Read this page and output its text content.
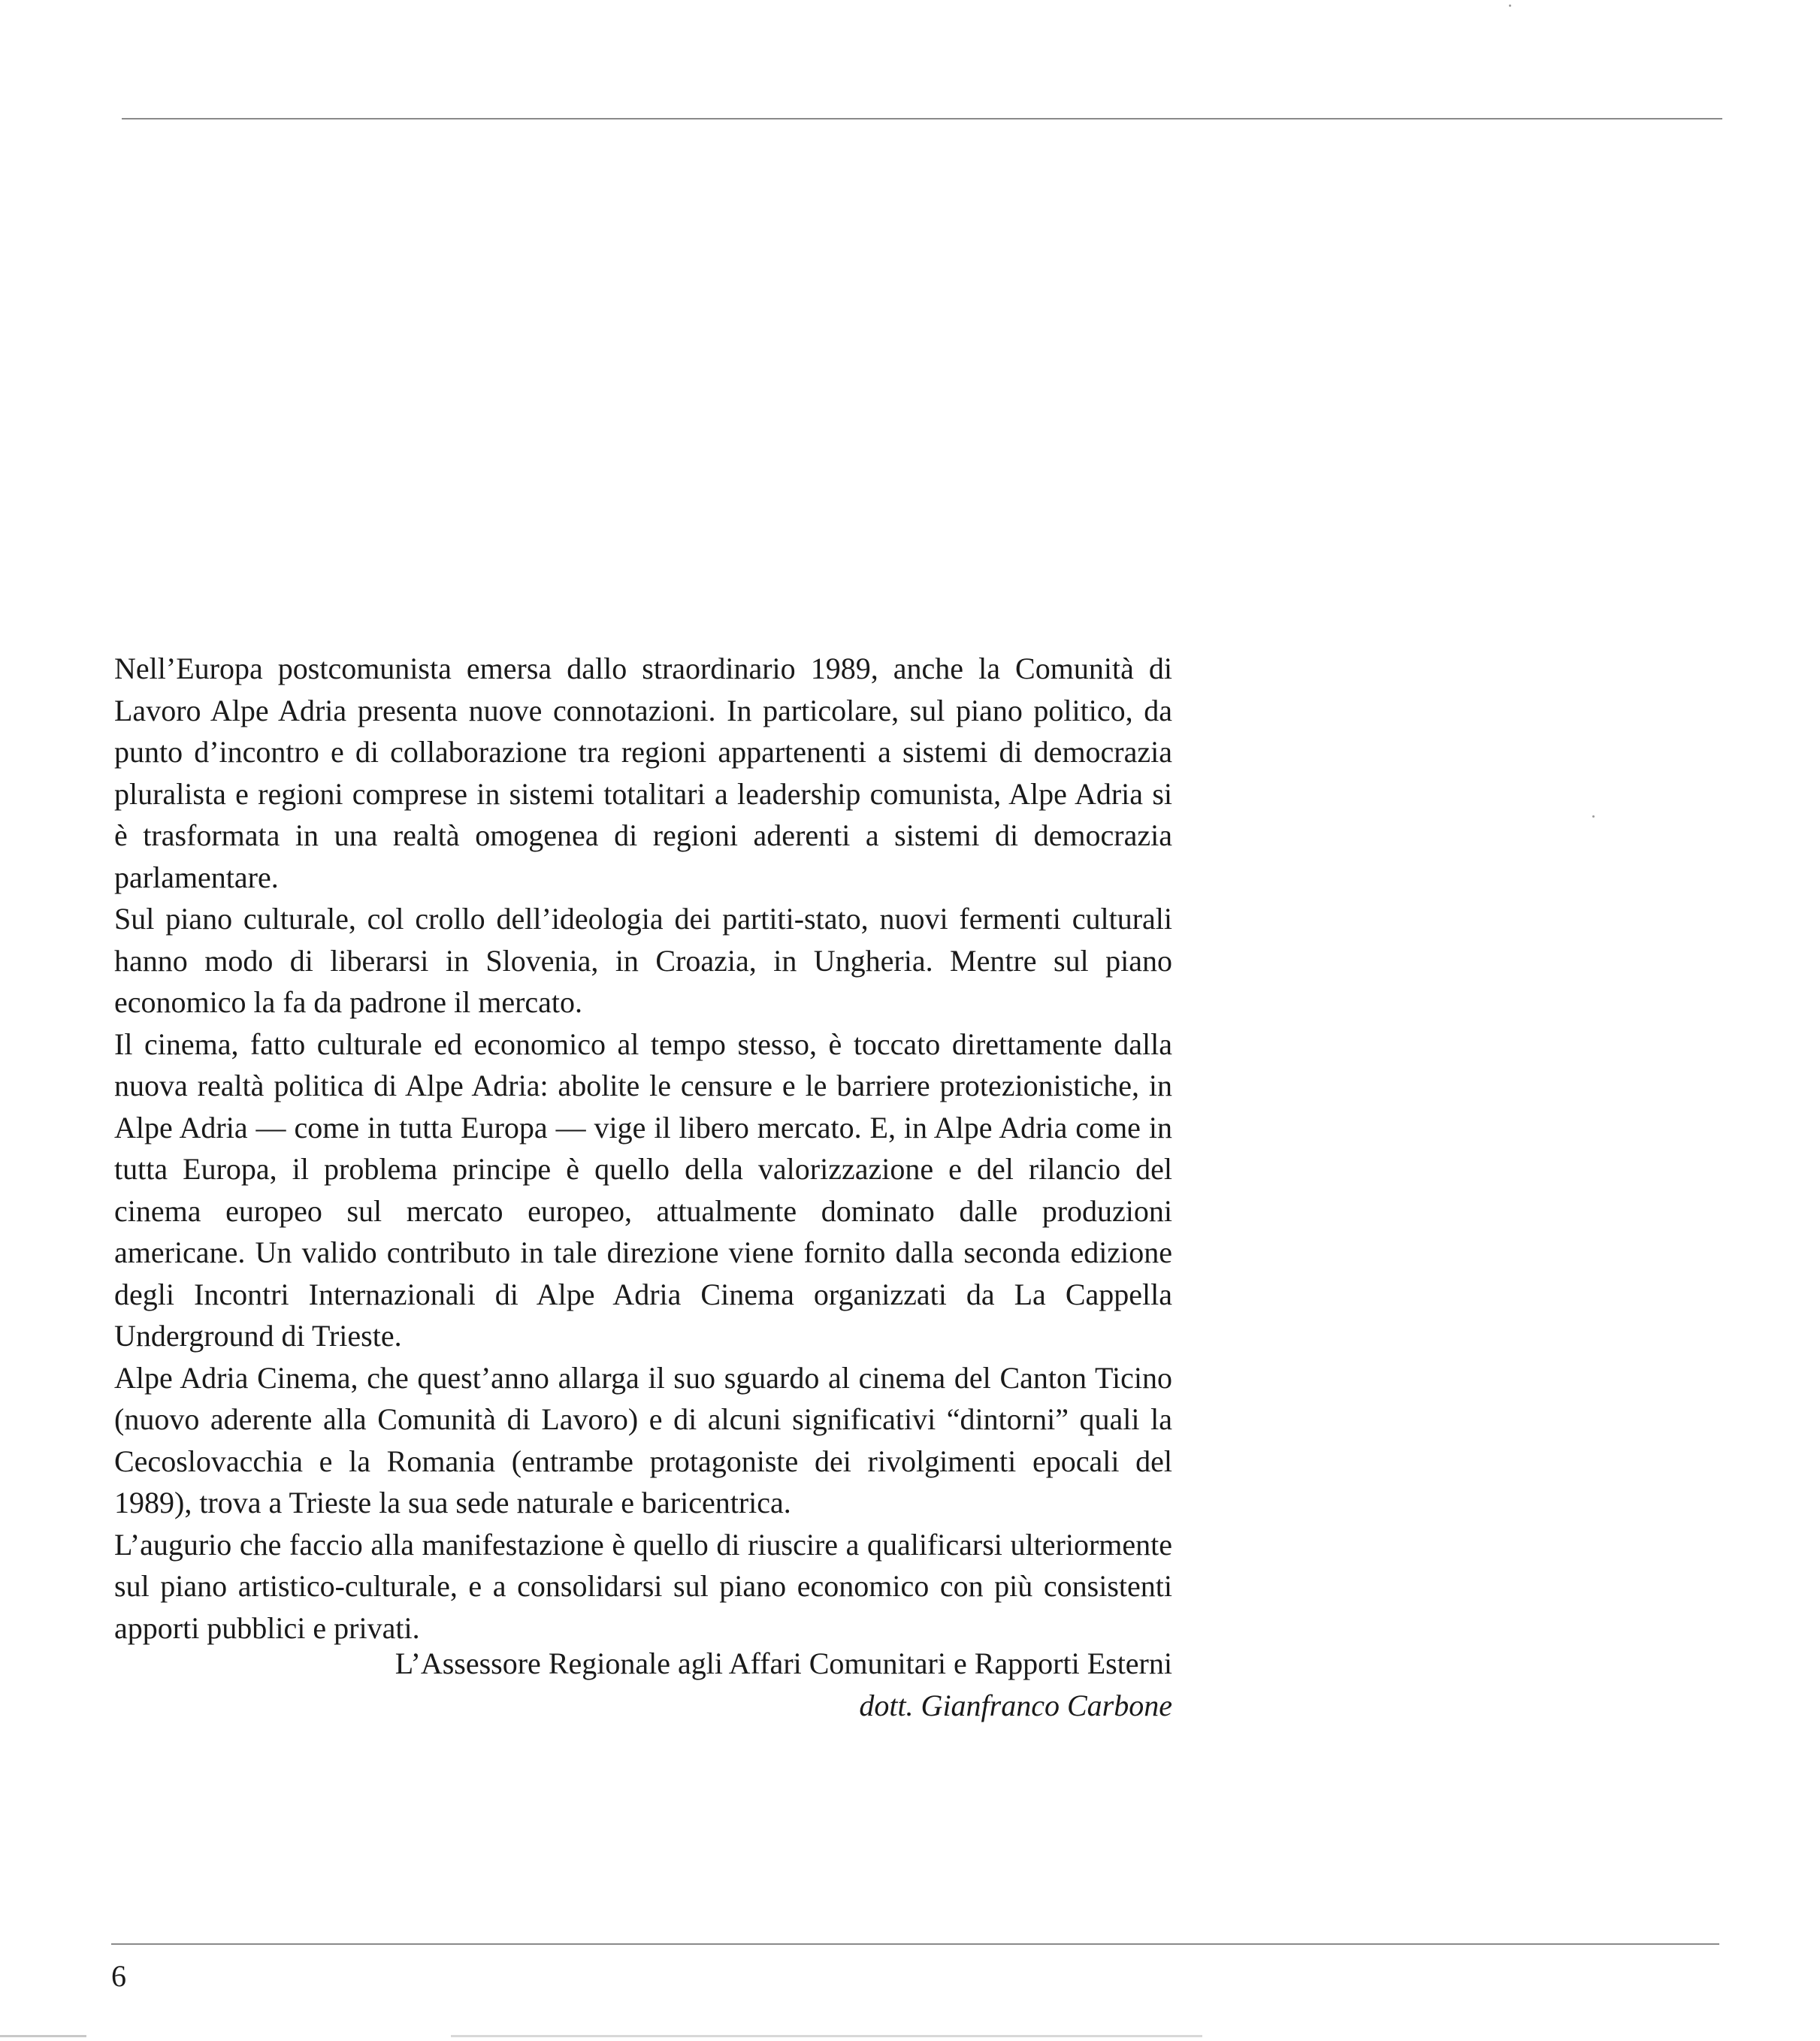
Nell’Europa postcomunista emersa dallo straordinario 1989, anche la Comunità di Lavoro Alpe Adria presenta nuove connotazioni. In particolare, sul piano politico, da punto d’incontro e di collaborazione tra regioni appartenenti a sistemi di democrazia pluralista e regioni comprese in sistemi totalitari a leadership comunista, Alpe Adria si è trasformata in una realtà omogenea di regioni aderenti a sistemi di democrazia parlamentare.

Sul piano culturale, col crollo dell’ideologia dei partiti-stato, nuovi fermenti culturali hanno modo di liberarsi in Slovenia, in Croazia, in Ungheria. Mentre sul piano economico la fa da padrone il mercato.

Il cinema, fatto culturale ed economico al tempo stesso, è toccato direttamente dalla nuova realtà politica di Alpe Adria: abolite le censure e le barriere protezionistiche, in Alpe Adria — come in tutta Europa — vige il libero mercato. E, in Alpe Adria come in tutta Europa, il problema principe è quello della valorizzazione e del rilancio del cinema europeo sul mercato europeo, attualmente dominato dalle produzioni americane. Un valido contributo in tale direzione viene fornito dalla seconda edizione degli Incontri Internazionali di Alpe Adria Cinema organizzati da La Cappella Underground di Trieste.

Alpe Adria Cinema, che quest’anno allarga il suo sguardo al cinema del Canton Ticino (nuovo aderente alla Comunità di Lavoro) e di alcuni significativi “dintorni” quali la Cecoslovacchia e la Romania (entrambe protagoniste dei rivolgimenti epocali del 1989), trova a Trieste la sua sede naturale e baricentrica.

L’augurio che faccio alla manifestazione è quello di riuscire a qualificarsi ulteriormente sul piano artistico-culturale, e a consolidarsi sul piano economico con più consistenti apporti pubblici e privati.

L’Assessore Regionale agli Affari Comunitari e Rapporti Esterni
dott. Gianfranco Carbone
6
